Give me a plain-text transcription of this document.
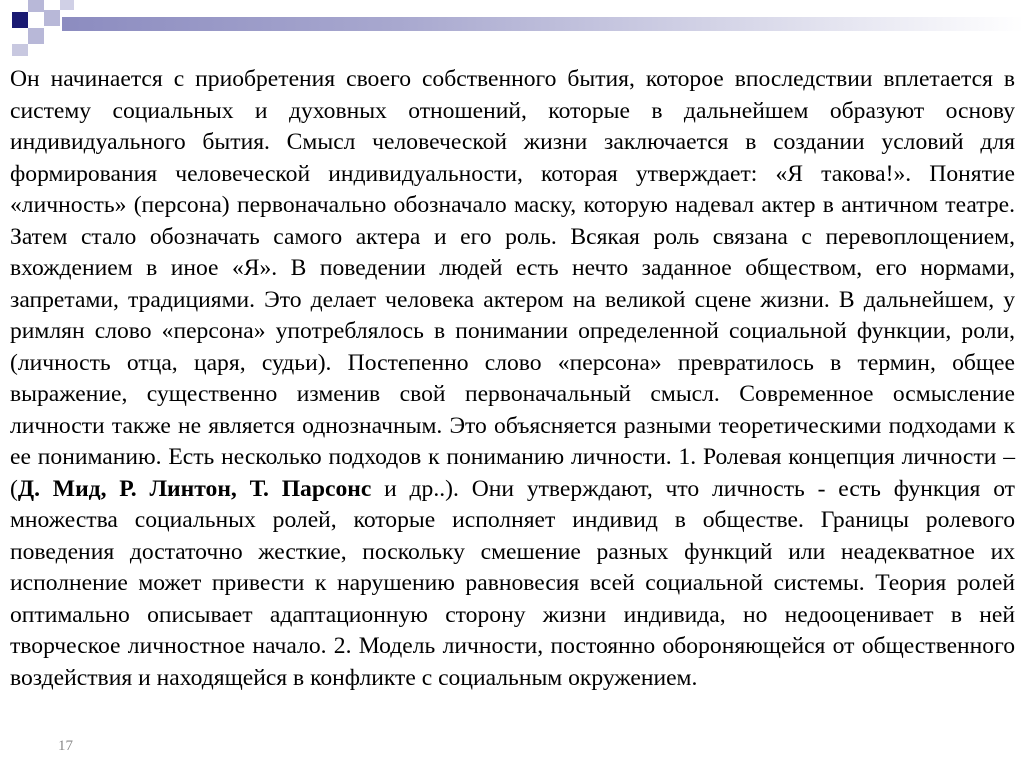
Он начинается с приобретения своего собственного бытия, которое впоследствии вплетается в систему социальных и духовных отношений, которые в дальнейшем образуют основу индивидуального бытия. Смысл человеческой жизни заключается в создании условий для формирования человеческой индивидуальности, которая утверждает: «Я такова!». Понятие «личность» (персона) первоначально обозначало маску, которую надевал актер в античном театре. Затем стало обозначать самого актера и его роль. Всякая роль связана с перевоплощением, вхождением в иное «Я». В поведении людей есть нечто заданное обществом, его нормами, запретами, традициями. Это делает человека актером на великой сцене жизни. В дальнейшем, у римлян слово «персона» употреблялось в понимании определенной социальной функции, роли, (личность отца, царя, судьи). Постепенно слово «персона» превратилось в термин, общее выражение, существенно изменив свой первоначальный смысл. Современное осмысление личности также не является однозначным. Это объясняется разными теоретическими подходами к ее пониманию. Есть несколько подходов к пониманию личности. 1. Ролевая концепция личности – (Д. Мид, Р. Линтон, Т. Парсонс и др..). Они утверждают, что личность - есть функция от множества социальных ролей, которые исполняет индивид в обществе. Границы ролевого поведения достаточно жесткие, поскольку смешение разных функций или неадекватное их исполнение может привести к нарушению равновесия всей социальной системы. Теория ролей оптимально описывает адаптационную сторону жизни индивида, но недооценивает в ней творческое личностное начало. 2. Модель личности, постоянно обороняющейся от общественного воздействия и находящейся в конфликте с социальным окружением.

17
